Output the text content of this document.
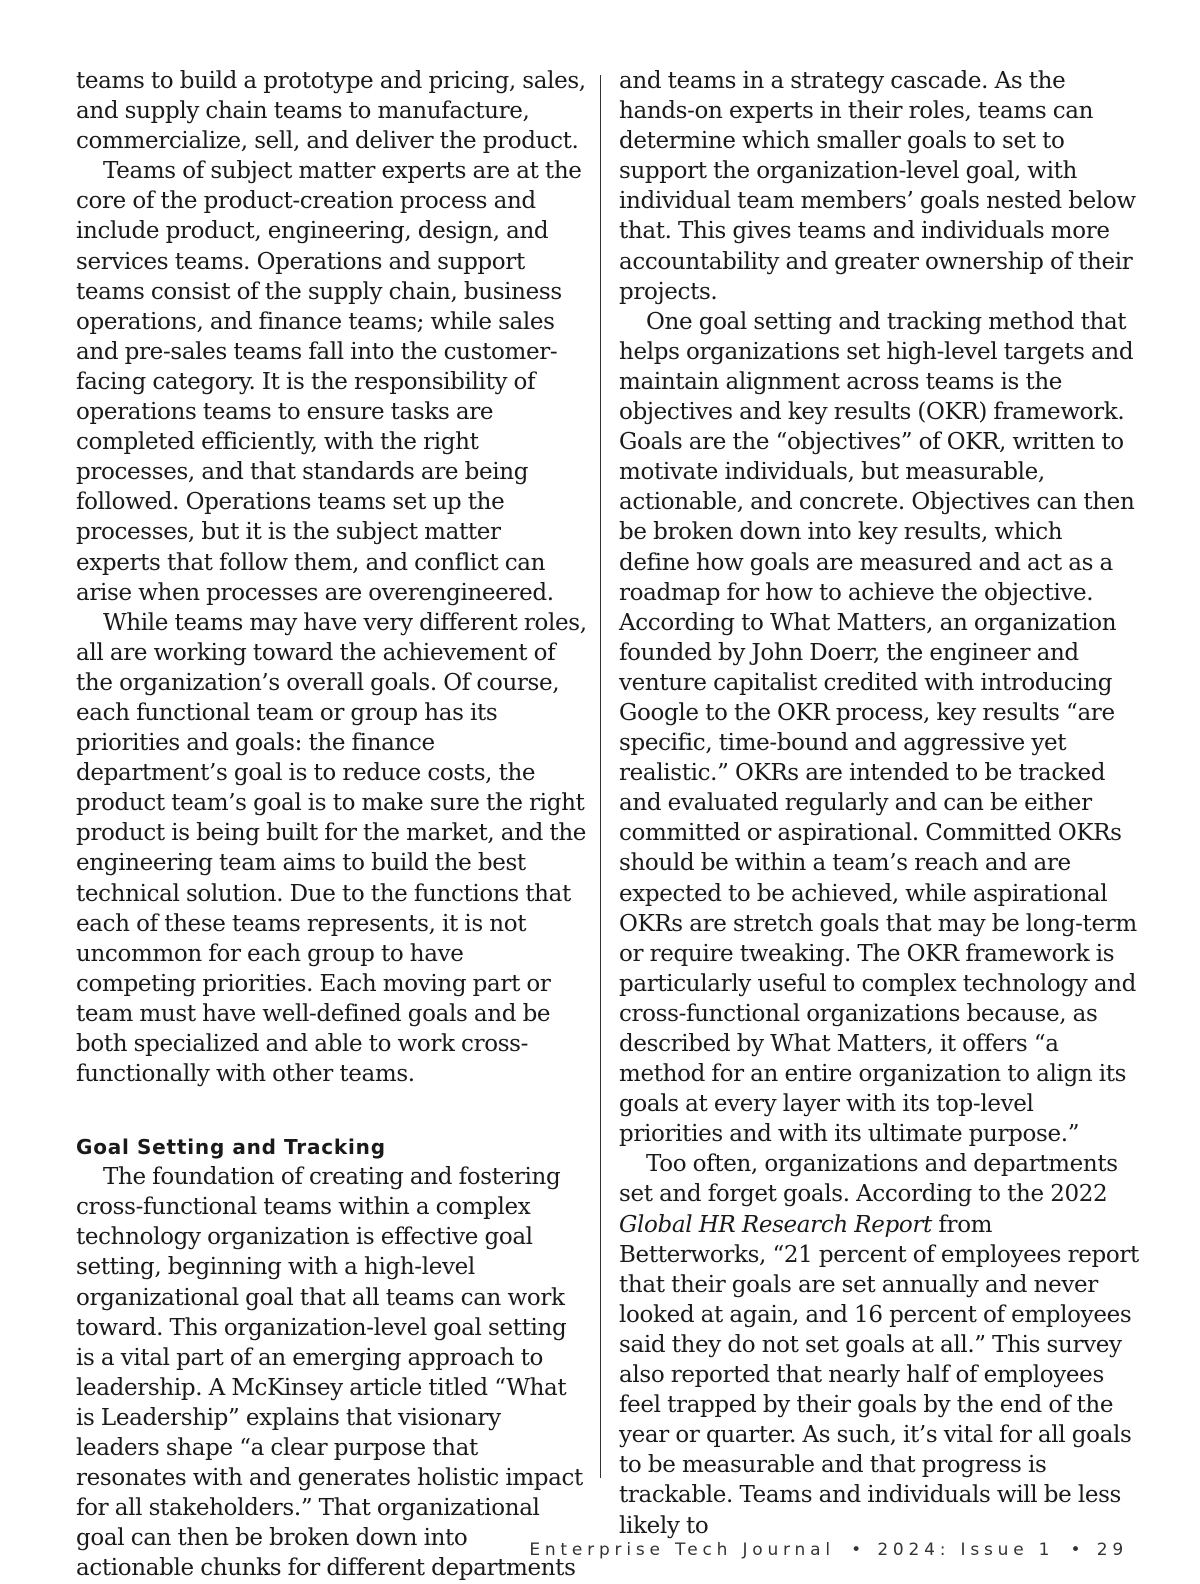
teams to build a prototype and pricing, sales, and supply chain teams to manufacture, commercialize, sell, and deliver the product.

Teams of subject matter experts are at the core of the product-creation process and include product, engineering, design, and services teams. Operations and support teams consist of the supply chain, business operations, and finance teams; while sales and pre-sales teams fall into the customer-facing category. It is the responsibility of operations teams to ensure tasks are completed efficiently, with the right processes, and that standards are being followed. Operations teams set up the processes, but it is the subject matter experts that follow them, and conflict can arise when processes are overengineered.

While teams may have very different roles, all are working toward the achievement of the organization’s overall goals. Of course, each functional team or group has its priorities and goals: the finance department’s goal is to reduce costs, the product team’s goal is to make sure the right product is being built for the market, and the engineering team aims to build the best technical solution. Due to the functions that each of these teams represents, it is not uncommon for each group to have competing priorities. Each moving part or team must have well-defined goals and be both specialized and able to work cross-functionally with other teams.

Goal Setting and Tracking

The foundation of creating and fostering cross-functional teams within a complex technology organization is effective goal setting, beginning with a high-level organizational goal that all teams can work toward. This organization-level goal setting is a vital part of an emerging approach to leadership. A McKinsey article titled “What is Leadership” explains that visionary leaders shape “a clear purpose that resonates with and generates holistic impact for all stakeholders.” That organizational goal can then be broken down into actionable chunks for different departments

and teams in a strategy cascade. As the hands-on experts in their roles, teams can determine which smaller goals to set to support the organization-level goal, with individual team members’ goals nested below that. This gives teams and individuals more accountability and greater ownership of their projects.

One goal setting and tracking method that helps organizations set high-level targets and maintain alignment across teams is the objectives and key results (OKR) framework. Goals are the “objectives” of OKR, written to motivate individuals, but measurable, actionable, and concrete. Objectives can then be broken down into key results, which define how goals are measured and act as a roadmap for how to achieve the objective. According to What Matters, an organization founded by John Doerr, the engineer and venture capitalist credited with introducing Google to the OKR process, key results “are specific, time-bound and aggressive yet realistic.” OKRs are intended to be tracked and evaluated regularly and can be either committed or aspirational. Committed OKRs should be within a team’s reach and are expected to be achieved, while aspirational OKRs are stretch goals that may be long-term or require tweaking. The OKR framework is particularly useful to complex technology and cross-functional organizations because, as described by What Matters, it offers “a method for an entire organization to align its goals at every layer with its top-level priorities and with its ultimate purpose.”

Too often, organizations and departments set and forget goals. According to the 2022 Global HR Research Report from Betterworks, “21 percent of employees report that their goals are set annually and never looked at again, and 16 percent of employees said they do not set goals at all.” This survey also reported that nearly half of employees feel trapped by their goals by the end of the year or quarter. As such, it’s vital for all goals to be measurable and that progress is trackable. Teams and individuals will be less likely to

Enterprise Tech Journal • 2024: Issue 1 • 29
